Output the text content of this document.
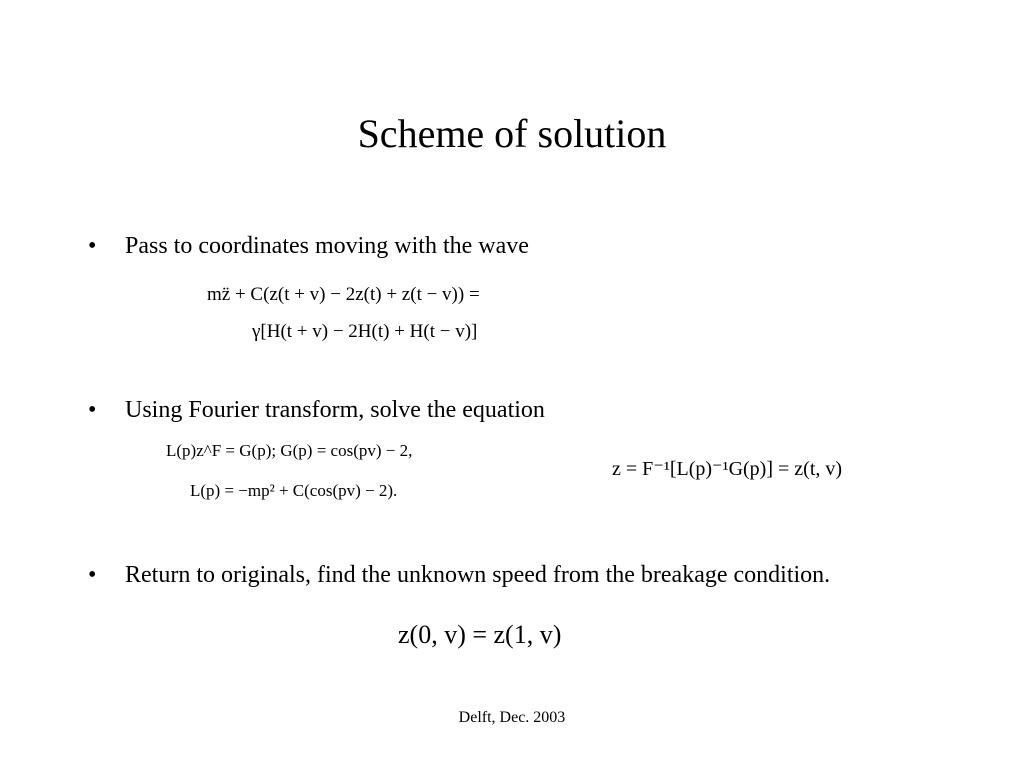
Scheme of solution
•	Pass to coordinates moving with the wave
mz̈ + C(z(t + v) − 2z(t) + z(t − v)) =
γ[H(t + v) − 2H(t) + H(t − v)]
•	Using Fourier transform, solve the equation
L(p)z^F = G(p); G(p) = cos(pv) − 2,
L(p) = −mp² + C(cos(pv) − 2).
z = F⁻¹[L(p)⁻¹G(p)] = z(t, v)
•	Return to originals, find the unknown speed from the breakage condition.
z(0, v) = z(1, v)
Delft, Dec. 2003
